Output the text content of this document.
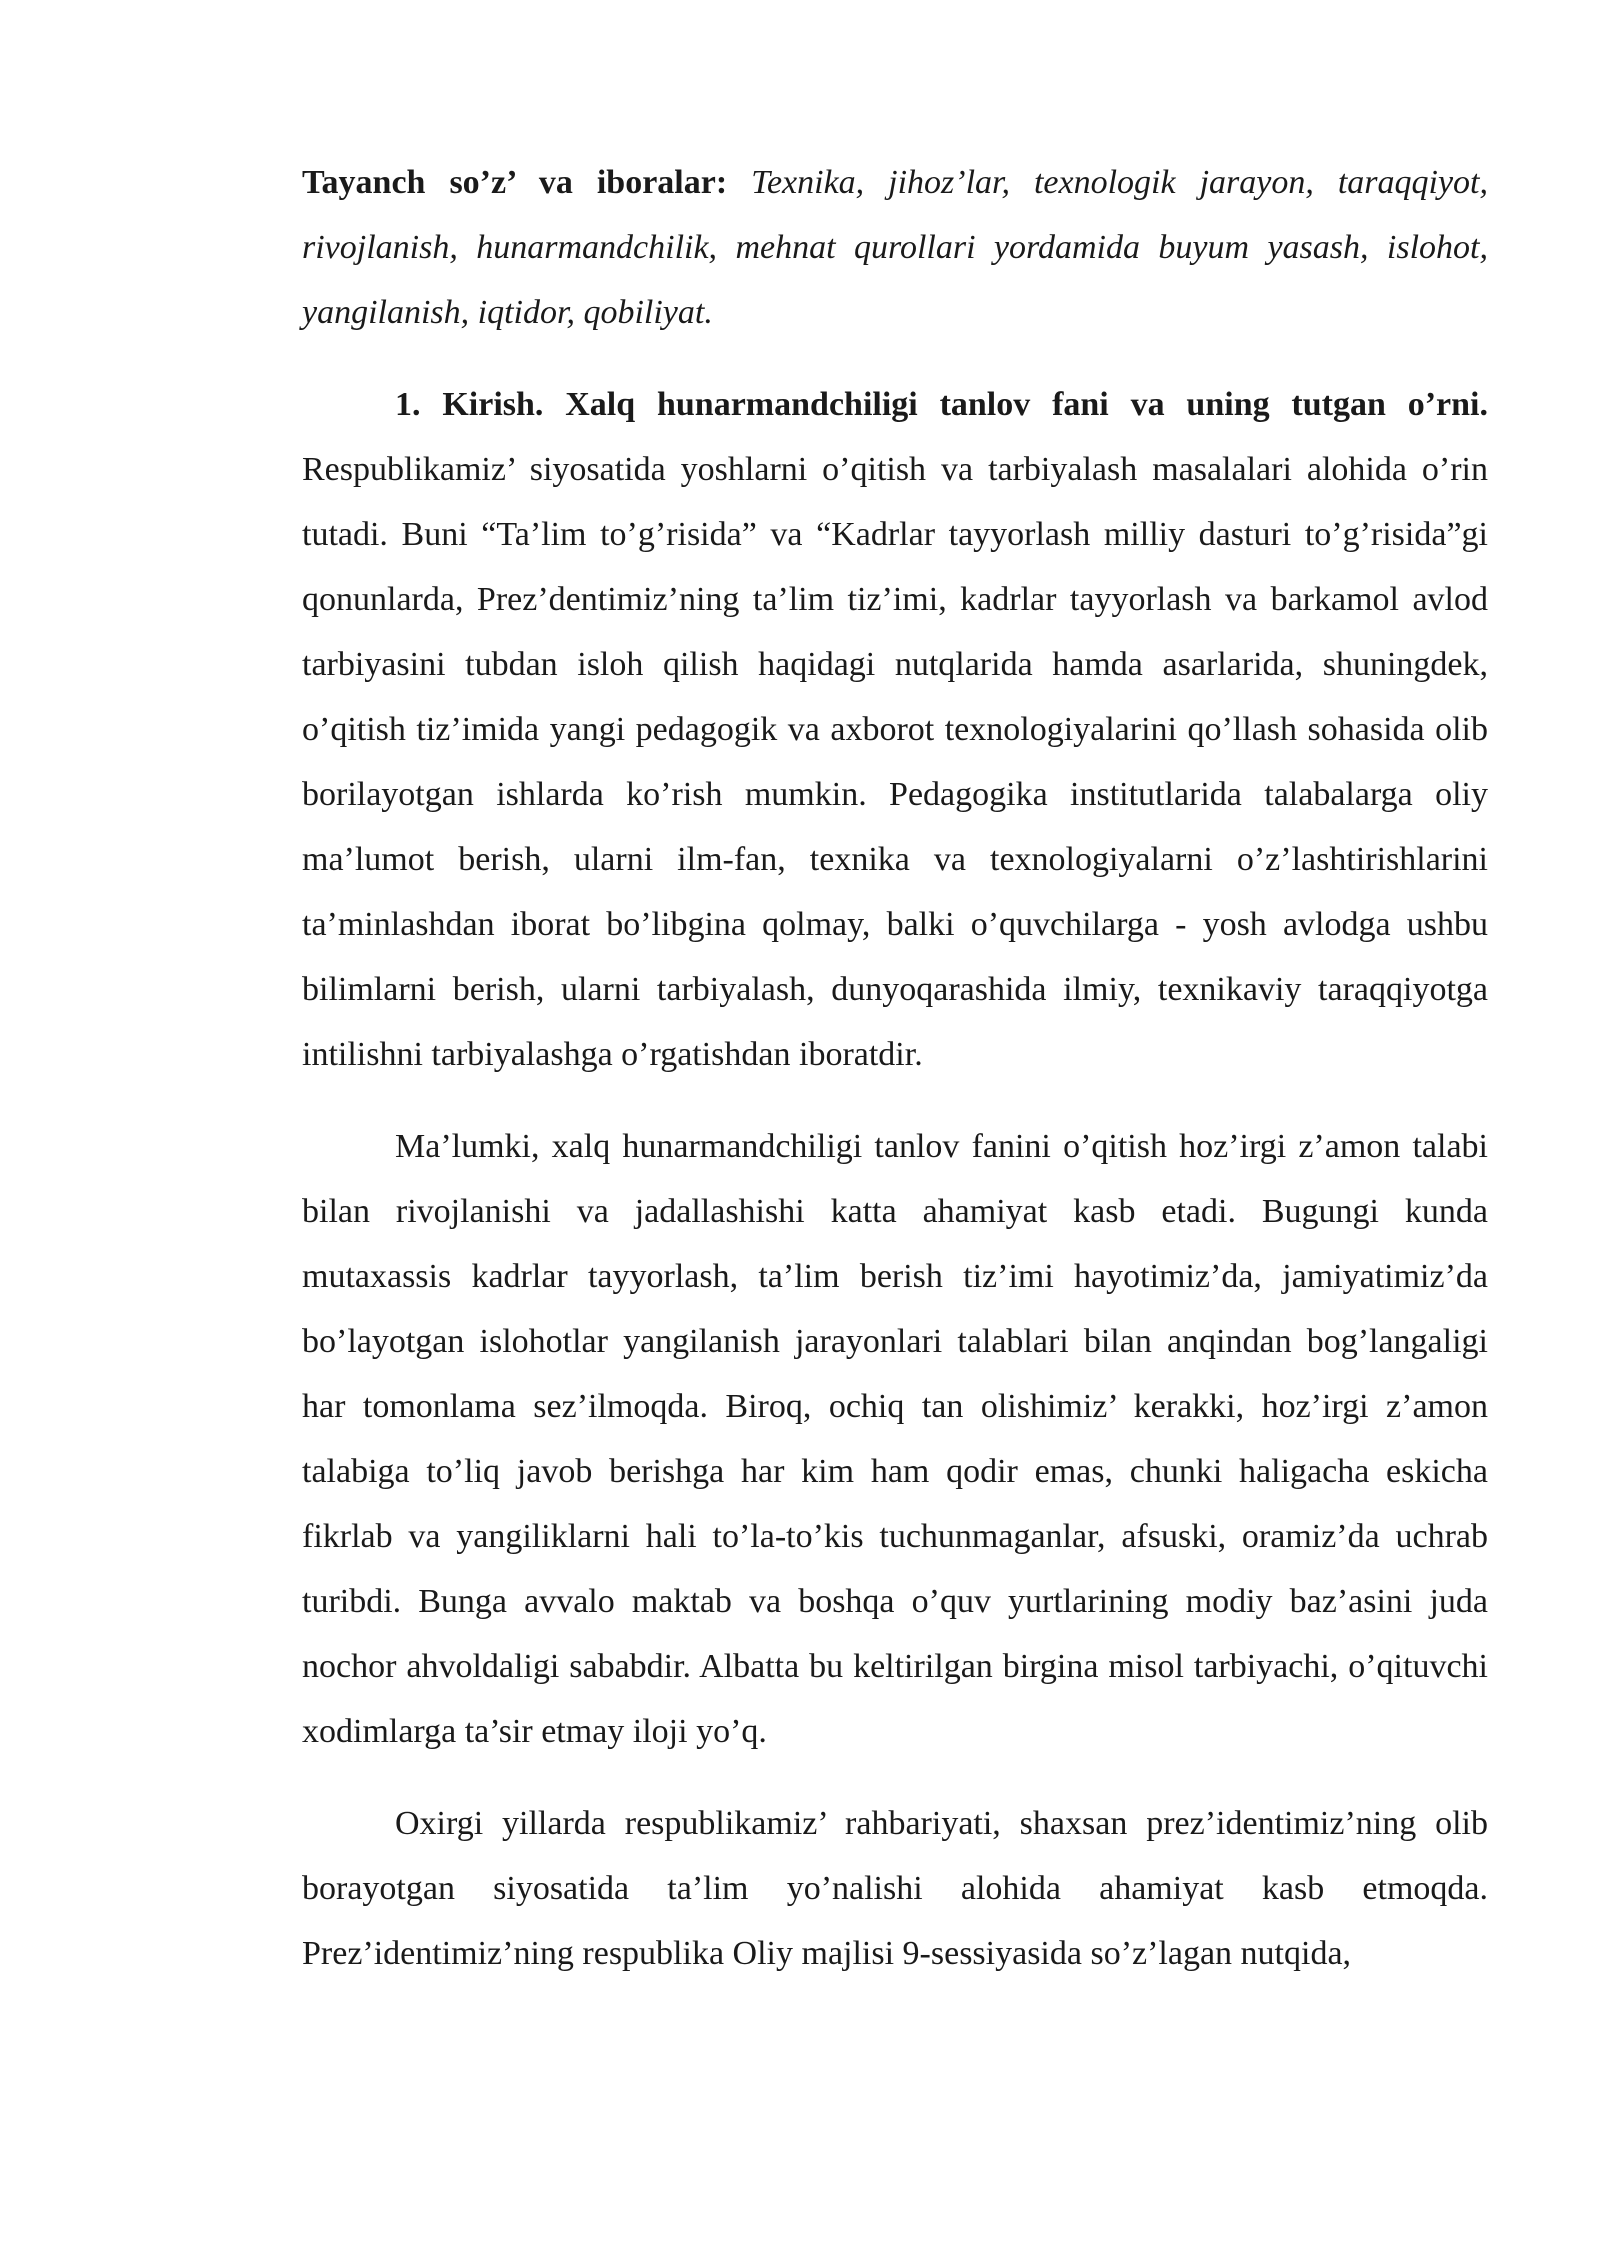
Tayanch so’z’ va iboralar: Texnika, jihoz’lar, texnologik jarayon, taraqqiyot, rivojlanish, hunarmandchilik, mehnat qurollari yordamida buyum yasash, islohot, yangilanish, iqtidor, qobiliyat.

1. Kirish. Xalq hunarmandchiligi tanlov fani va uning tutgan o’rni. Respublikamiz’ siyosatida yoshlarni o’qitish va tarbiyalash masalalari alohida o’rin tutadi. Buni “Ta’lim to’g’risida” va “Kadrlar tayyorlash milliy dasturi to’g’risida”gi qonunlarda, Prez’dentimiz’ning ta’lim tiz’imi, kadrlar tayyorlash va barkamol avlod tarbiyasini tubdan isloh qilish haqidagi nutqlarida hamda asarlarida, shuningdek, o’qitish tiz’imida yangi pedagogik va axborot texnologiyalarini qo’llash sohasida olib borilayotgan ishlarda ko’rish mumkin. Pedagogika institutlarida talabalarga oliy ma’lumot berish, ularni ilm-fan, texnika va texnologiyalarni o’z’lashtirishlarini ta’minlashdan iborat bo’libgina qolmay, balki o’quvchilarga - yosh avlodga ushbu bilimlarni berish, ularni tarbiyalash, dunyoqarashida ilmiy, texnikaviy taraqqiyotga intilishni tarbiyalashga o’rgatishdan iboratdir.

Ma’lumki, xalq hunarmandchiligi tanlov fanini o’qitish hoz’irgi z’amon talabi bilan rivojlanishi va jadallashishi katta ahamiyat kasb etadi. Bugungi kunda mutaxassis kadrlar tayyorlash, ta’lim berish tiz’imi hayotimiz’da, jamiyatimiz’da bo’layotgan islohotlar yangilanish jarayonlari talablari bilan anqindan bog’langaligi har tomonlama sez’ilmoqda. Biroq, ochiq tan olishimiz’ kerakki, hoz’irgi z’amon talabiga to’liq javob berishga har kim ham qodir emas, chunki haligacha eskicha fikrlab va yangiliklarni hali to’la-to’kis tuchunmaganlar, afsuski, oramiz’da uchrab turibdi. Bunga avvalo maktab va boshqa o’quv yurtlarining modiy baz’asini juda nochor ahvoldaligi sababdir. Albatta bu keltirilgan birgina misol tarbiyachi, o’qituvchi xodimlarga ta’sir etmay iloji yo’q.

Oxirgi yillarda respublikamiz’ rahbariyati, shaxsan prez’identimiz’ning olib borayotgan siyosatida ta’lim yo’nalishi alohida ahamiyat kasb etmoqda. Prez’identimiz’ning respublika Oliy majlisi 9-sessiyasida so’z’lagan nutqida,
